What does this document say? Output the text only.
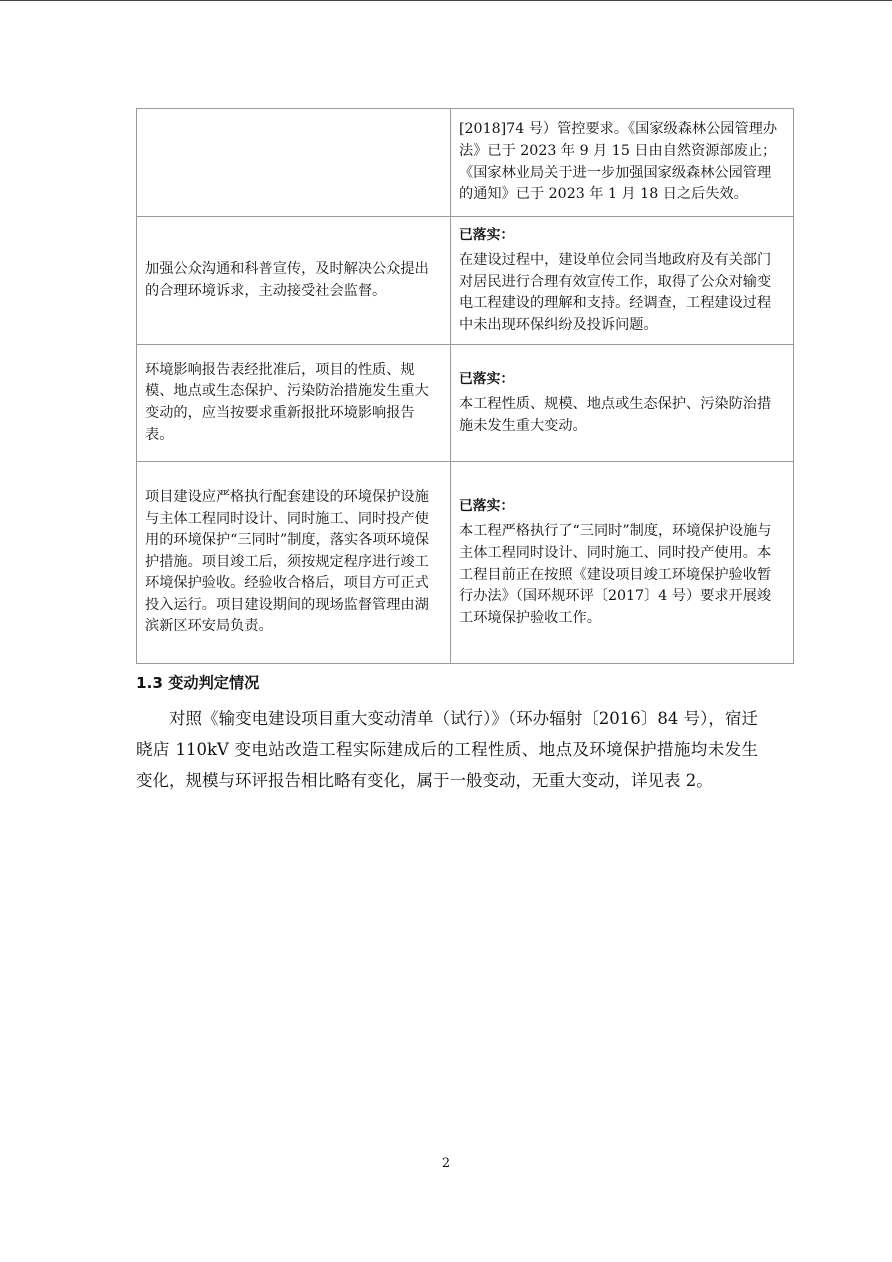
	[2018]74 号）管控要求。《国家级森林公园管理办法》已于 2023 年 9 月 15 日由自然资源部废止；《国家林业局关于进一步加强国家级森林公园管理的通知》已于 2023 年 1 月 18 日之后失效。
加强公众沟通和科普宣传，及时解决公众提出的合理环境诉求，主动接受社会监督。	已落实：
在建设过程中，建设单位会同当地政府及有关部门对居民进行合理有效宣传工作，取得了公众对输变电工程建设的理解和支持。经调查，工程建设过程中未出现环保纠纷及投诉问题。
环境影响报告表经批准后，项目的性质、规模、地点或生态保护、污染防治措施发生重大变动的，应当按要求重新报批环境影响报告表。	已落实：
本工程性质、规模、地点或生态保护、污染防治措施未发生重大变动。
项目建设应严格执行配套建设的环境保护设施与主体工程同时设计、同时施工、同时投产使用的环境保护“三同时”制度，落实各项环境保护措施。项目竣工后，须按规定程序进行竣工环境保护验收。经验收合格后，项目方可正式投入运行。项目建设期间的现场监督管理由湖滨新区环安局负责。	已落实：
本工程严格执行了“三同时”制度，环境保护设施与主体工程同时设计、同时施工、同时投产使用。本工程目前正在按照《建设项目竣工环境保护验收暂行办法》（国环规环评〔2017〕4 号）要求开展竣工环境保护验收工作。
1.3 变动判定情况

对照《输变电建设项目重大变动清单（试行）》（环办辐射〔2016〕84 号），宿迁晓店 110kV 变电站改造工程实际建成后的工程性质、地点及环境保护措施均未发生变化，规模与环评报告相比略有变化，属于一般变动，无重大变动，详见表 2。

2
